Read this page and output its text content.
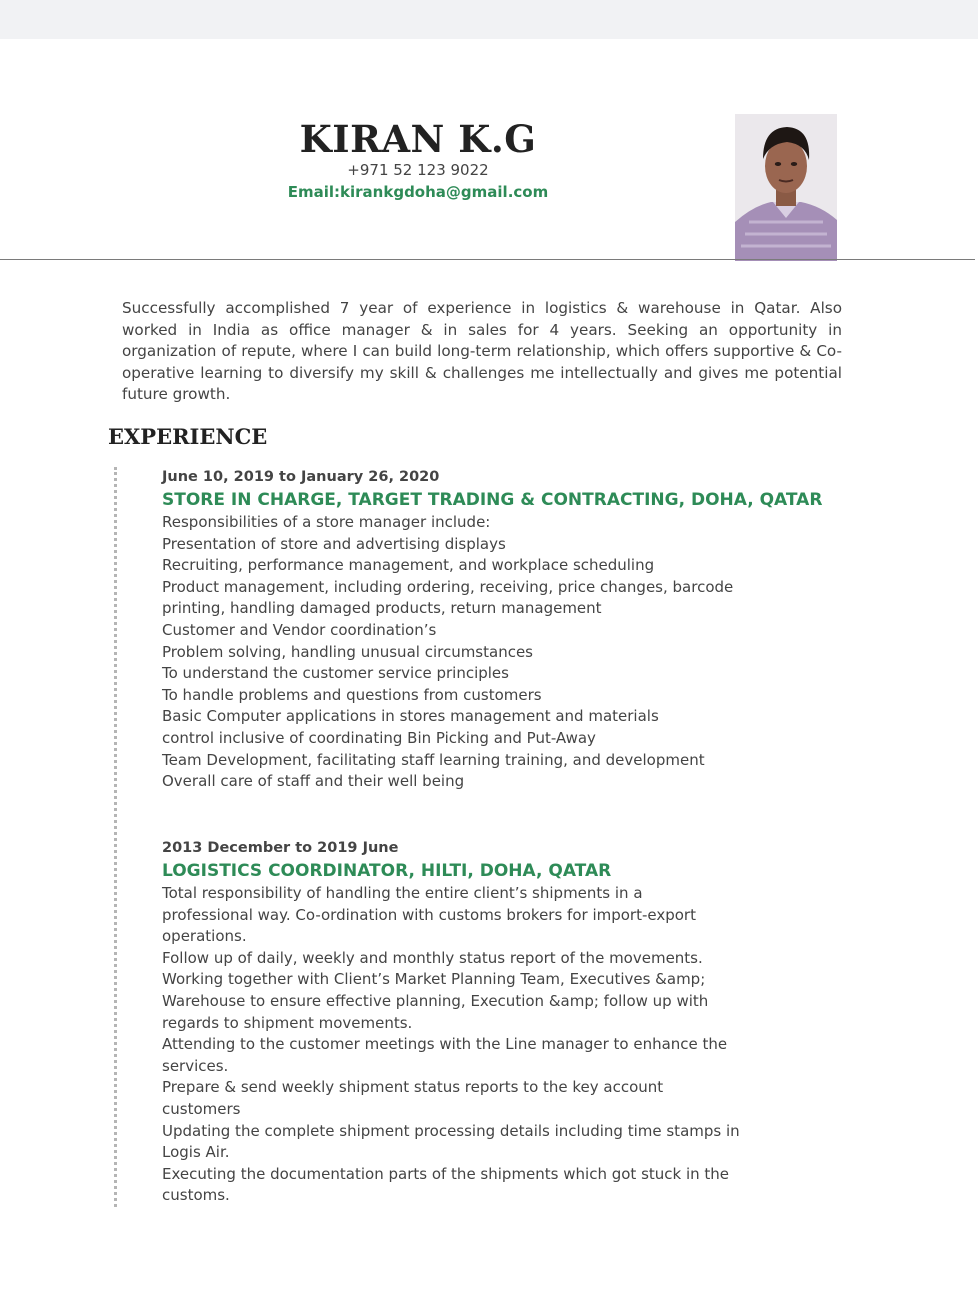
KIRAN K.G
+971 52 123 9022
Email:kirankgdoha@gmail.com
Successfully accomplished 7 year of experience in logistics & warehouse in Qatar. Also worked in India as office manager & in sales for 4 years. Seeking an opportunity in organization of repute, where I can build long-term relationship, which offers supportive & Co-operative learning to diversify my skill & challenges me intellectually and gives me potential future growth.
EXPERIENCE
June 10, 2019 to January 26, 2020
STORE IN CHARGE, TARGET TRADING & CONTRACTING, DOHA, QATAR
Responsibilities of a store manager include:
Presentation of store and advertising displays
Recruiting, performance management, and workplace scheduling
Product management, including ordering, receiving, price changes, barcode
printing, handling damaged products, return management
Customer and Vendor coordination’s
Problem solving, handling unusual circumstances
To understand the customer service principles
To handle problems and questions from customers
Basic Computer applications in stores management and materials
control inclusive of coordinating Bin Picking and Put-Away
Team Development, facilitating staff learning training, and development
Overall care of staff and their well being
2013 December to 2019 June
LOGISTICS COORDINATOR, HILTI, DOHA, QATAR
Total responsibility of handling the entire client’s shipments in a
professional way. Co-ordination with customs brokers for import-export
operations.
Follow up of daily, weekly and monthly status report of the movements.
Working together with Client’s Market Planning Team, Executives &amp;
Warehouse to ensure effective planning, Execution &amp; follow up with
regards to shipment movements.
Attending to the customer meetings with the Line manager to enhance the
services.
Prepare & send weekly shipment status reports to the key account
customers
Updating the complete shipment processing details including time stamps in
Logis Air.
Executing the documentation parts of the shipments which got stuck in the
customs.
